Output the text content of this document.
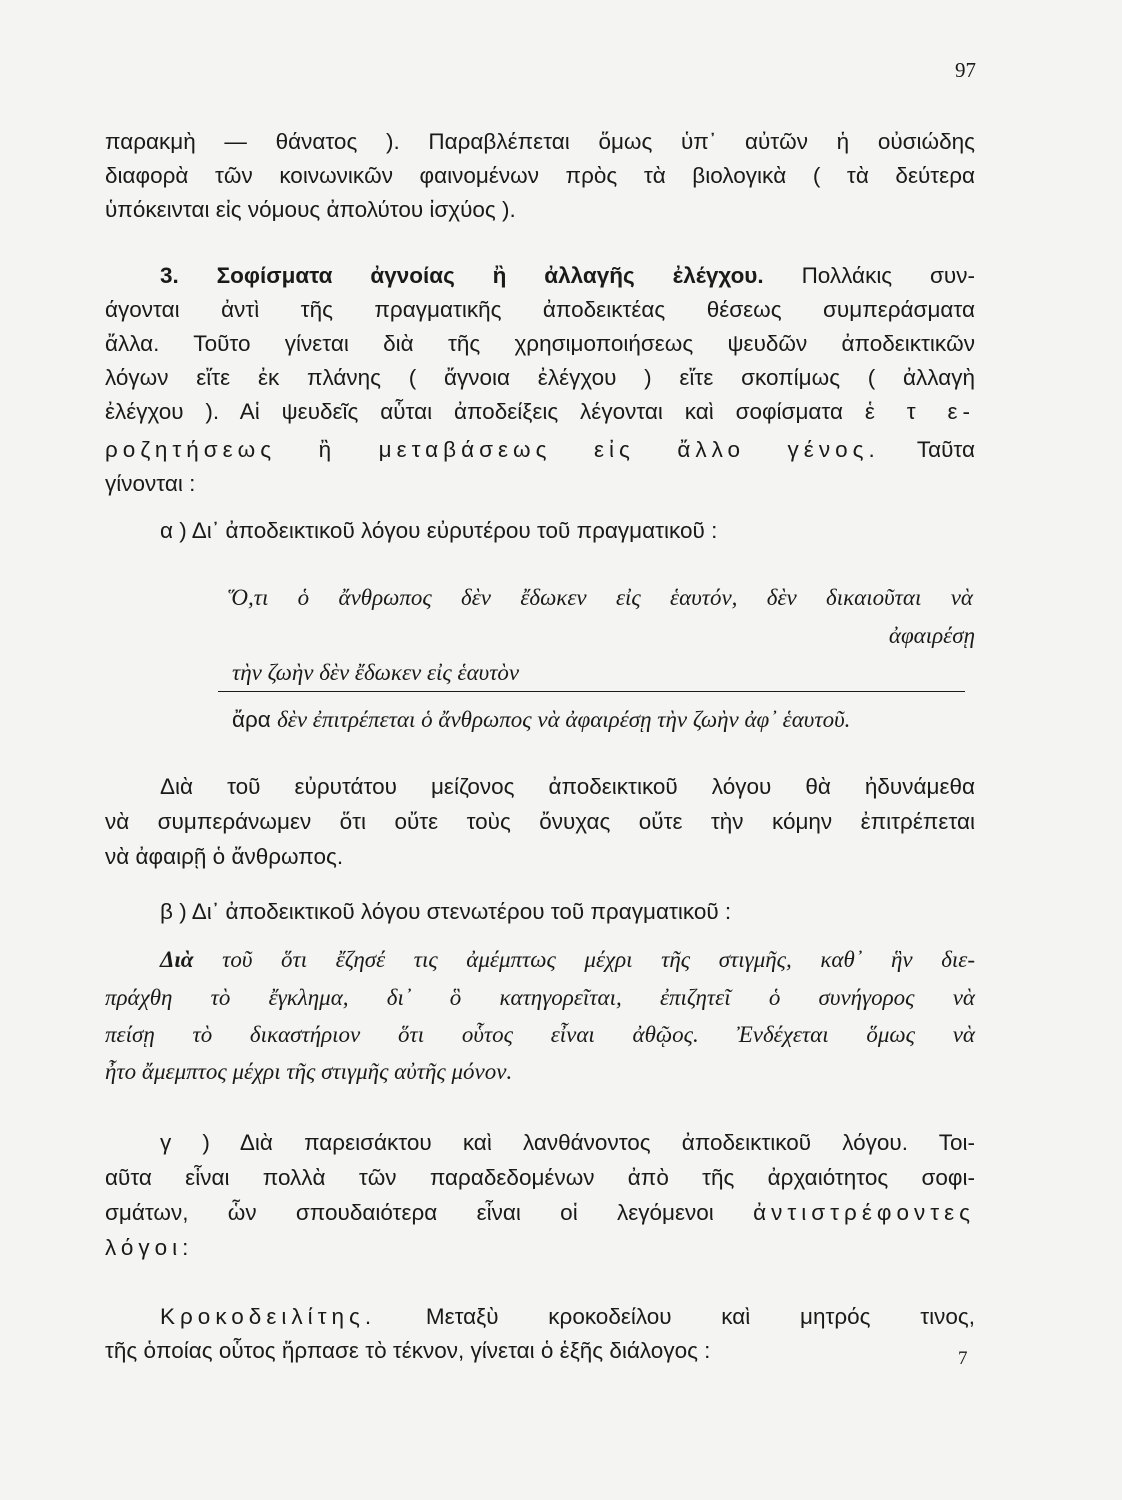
97
παρακμὴ — θάνατος ). Παραβλέπεται ὅμως ὑπ᾽ αὐτῶν ἡ οὐσιώδης
διαφορὰ τῶν κοινωνικῶν φαινομένων πρὸς τὰ βιολογικὰ ( τὰ δεύτερα
ὑπόκεινται εἰς νόμους ἀπολύτου ἰσχύος ).
3. Σοφίσματα ἀγνοίας ἢ ἀλλαγῆς ἐλέγχου. Πολλάκις συν-
άγονται ἀντὶ τῆς πραγματικῆς ἀποδεικτέας θέσεως συμπεράσματα
ἄλλα. Τοῦτο γίνεται διὰ τῆς χρησιμοποιήσεως ψευδῶν ἀποδεικτικῶν
λόγων εἴτε ἐκ πλάνης ( ἄγνοια ἐλέγχου ) εἴτε σκοπίμως ( ἀλλαγὴ
ἐλέγχου ). Αἱ ψευδεῖς αὗται ἀποδείξεις λέγονται καὶ σοφίσματα ἑ τ ε-
ροζητήσεως ἢ μεταβάσεως εἰς ἄλλο γένος. Ταῦτα
γίνονται :
α ) Δι᾽ ἀποδεικτικοῦ λόγου εὐρυτέρου τοῦ πραγματικοῦ :
Ὅ,τι ὁ ἄνθρωπος δὲν ἔδωκεν εἰς ἑαυτόν, δὲν δικαιοῦται νὰ
ἀφαιρέσῃ
τὴν ζωὴν δὲν ἔδωκεν εἰς ἑαυτὸν
ἄρα δὲν ἐπιτρέπεται ὁ ἄνθρωπος νὰ ἀφαιρέσῃ τὴν ζωὴν ἀφ᾽ ἑαυτοῦ.
Διὰ τοῦ εὐρυτάτου μείζονος ἀποδεικτικοῦ λόγου θὰ ἠδυνάμεθα
νὰ συμπεράνωμεν ὅτι οὔτε τοὺς ὄνυχας οὔτε τὴν κόμην ἐπιτρέπεται
νὰ ἀφαιρῇ ὁ ἄνθρωπος.
β ) Δι᾽ ἀποδεικτικοῦ λόγου στενωτέρου τοῦ πραγματικοῦ :
Διὰ τοῦ ὅτι ἔζησέ τις ἀμέμπτως μέχρι τῆς στιγμῆς, καθ᾽ ἣν διε-
πράχθη τὸ ἔγκλημα, δι᾽ ὃ κατηγορεῖται, ἐπιζητεῖ ὁ συνήγορος νὰ
πείσῃ τὸ δικαστήριον ὅτι οὗτος εἶναι ἀθῷος. Ἐνδέχεται ὅμως νὰ
ἦτο ἄμεμπτος μέχρι τῆς στιγμῆς αὐτῆς μόνον.
γ ) Διὰ παρεισάκτου καὶ λανθάνοντος ἀποδεικτικοῦ λόγου. Τοι-
αῦτα εἶναι πολλὰ τῶν παραδεδομένων ἀπὸ τῆς ἀρχαιότητος σοφι-
σμάτων, ὧν σπουδαιότερα εἶναι οἱ λεγόμενοι ἀντιστρέφοντες
λόγοι:
Κροκοδειλίτης. Μεταξὺ κροκοδείλου καὶ μητρός τινος,
τῆς ὁποίας οὗτος ἥρπασε τὸ τέκνον, γίνεται ὁ ἑξῆς διάλογος :	7
